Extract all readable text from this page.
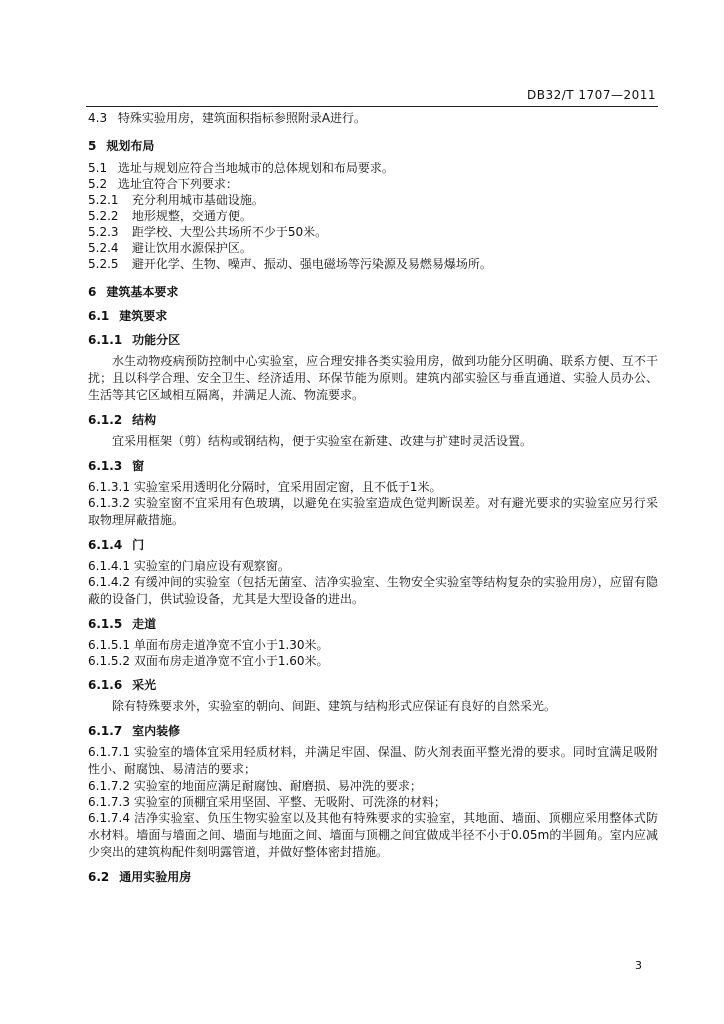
DB32/T 1707—2011
4.3 特殊实验用房，建筑面积指标参照附录A进行。
5 规划布局
5.1 选址与规划应符合当地城市的总体规划和布局要求。
5.2 选址宜符合下列要求：
5.2.1 充分利用城市基础设施。
5.2.2 地形规整，交通方便。
5.2.3 距学校、大型公共场所不少于50米。
5.2.4 避让饮用水源保护区。
5.2.5 避开化学、生物、噪声、振动、强电磁场等污染源及易燃易爆场所。
6 建筑基本要求
6.1 建筑要求
6.1.1 功能分区
水生动物疫病预防控制中心实验室，应合理安排各类实验用房，做到功能分区明确、联系方便、互不干扰；且以科学合理、安全卫生、经济适用、环保节能为原则。建筑内部实验区与垂直通道、实验人员办公、生活等其它区域相互隔离，并满足人流、物流要求。
6.1.2 结构
宜采用框架（剪）结构或钢结构，便于实验室在新建、改建与扩建时灵活设置。
6.1.3 窗
6.1.3.1 实验室采用透明化分隔时，宜采用固定窗，且不低于1米。
6.1.3.2 实验室窗不宜采用有色玻璃，以避免在实验室造成色觉判断误差。对有避光要求的实验室应另行采取物理屏蔽措施。
6.1.4 门
6.1.4.1 实验室的门扇应设有观察窗。
6.1.4.2 有缓冲间的实验室（包括无菌室、洁净实验室、生物安全实验室等结构复杂的实验用房），应留有隐蔽的设备门，供试验设备，尤其是大型设备的进出。
6.1.5 走道
6.1.5.1 单面布房走道净宽不宜小于1.30米。
6.1.5.2 双面布房走道净宽不宜小于1.60米。
6.1.6 采光
除有特殊要求外，实验室的朝向、间距、建筑与结构形式应保证有良好的自然采光。
6.1.7 室内装修
6.1.7.1 实验室的墙体宜采用轻质材料，并满足牢固、保温、防火剂表面平整光滑的要求。同时宜满足吸附性小、耐腐蚀、易清洁的要求；
6.1.7.2 实验室的地面应满足耐腐蚀、耐磨损、易冲洗的要求；
6.1.7.3 实验室的顶棚宜采用坚固、平整、无吸附、可洗涤的材料；
6.1.7.4 洁净实验室、负压生物实验室以及其他有特殊要求的实验室，其地面、墙面、顶棚应采用整体式防水材料。墙面与墙面之间、墙面与地面之间、墙面与顶棚之间宜做成半径不小于0.05m的半圆角。室内应减少突出的建筑构配件刻明露管道，并做好整体密封措施。
6.2 通用实验用房
3
